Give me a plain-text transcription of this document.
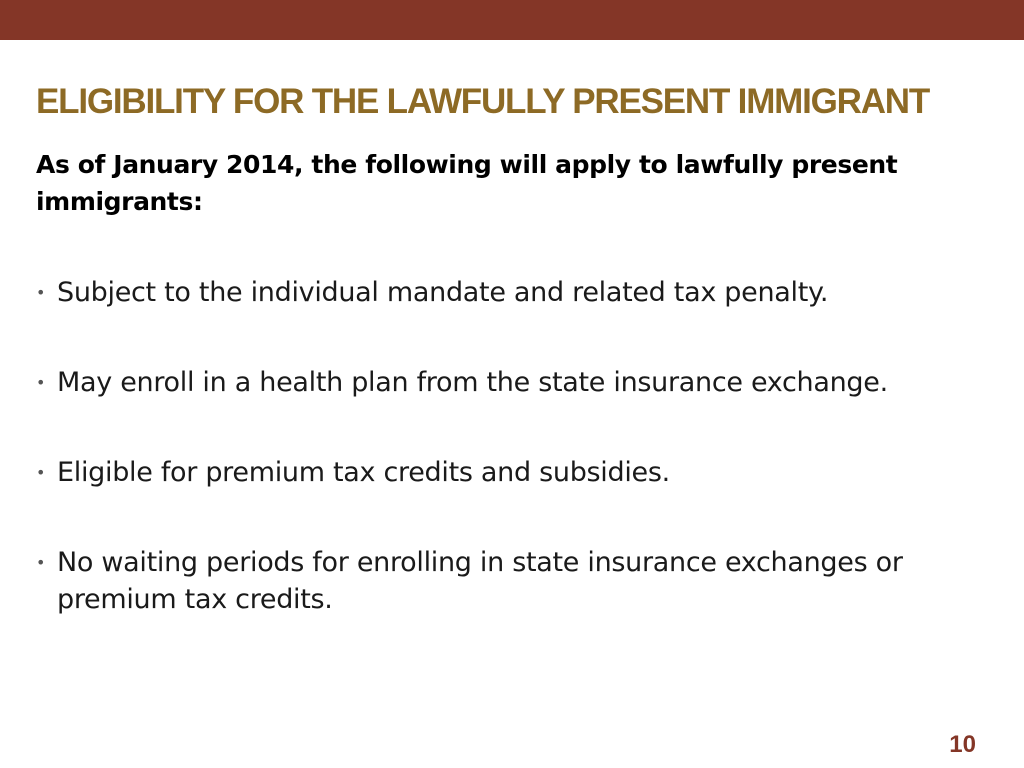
ELIGIBILITY FOR THE LAWFULLY PRESENT IMMIGRANT

As of January 2014, the following will apply to lawfully present immigrants:

• Subject to the individual mandate and related tax penalty.
• May enroll in a health plan from the state insurance exchange.
• Eligible for premium tax credits and subsidies.
• No waiting periods for enrolling in state insurance exchanges or premium tax credits.
10
